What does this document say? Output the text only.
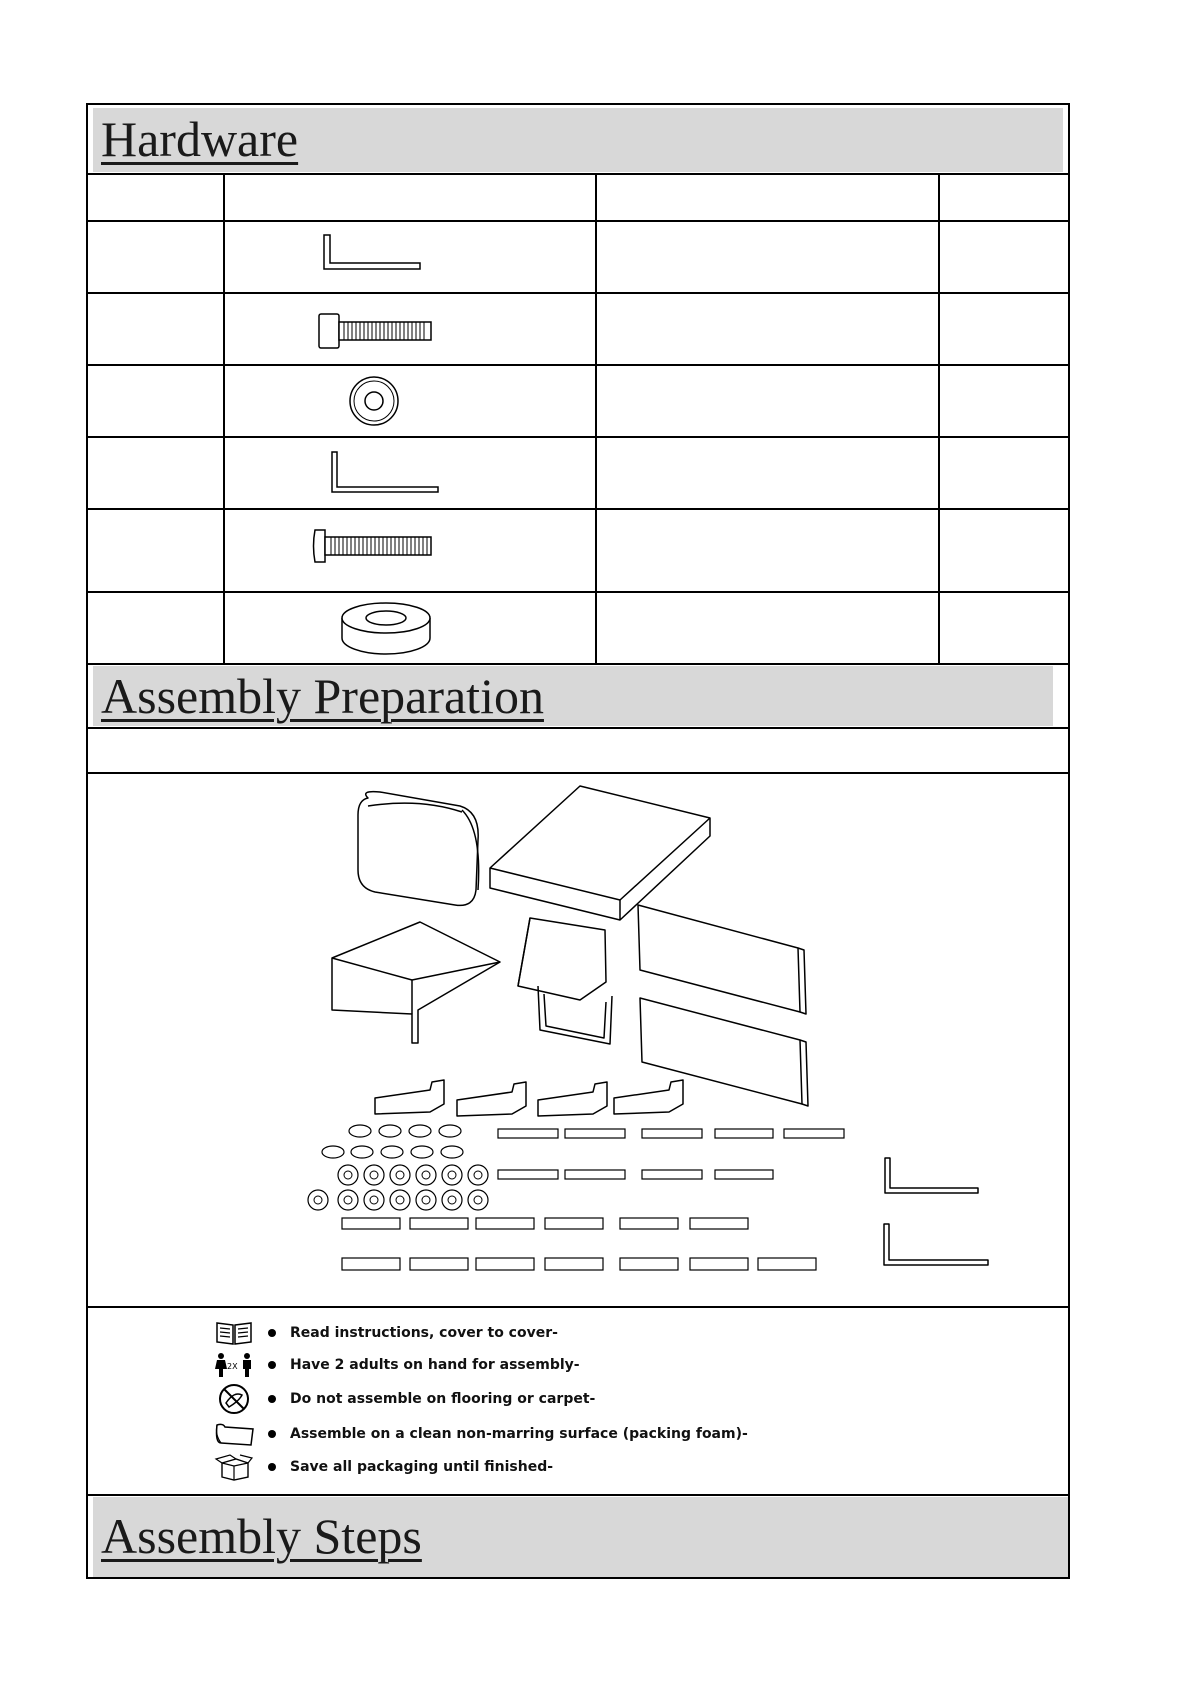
Hardware
Assembly Preparation
Read instructions, cover to cover-
2X	Have 2 adults on hand for assembly-
Do not assemble on flooring or carpet-
Assemble on a clean non-marring surface (packing foam)-
Save all packaging until finished-
Assembly Steps
